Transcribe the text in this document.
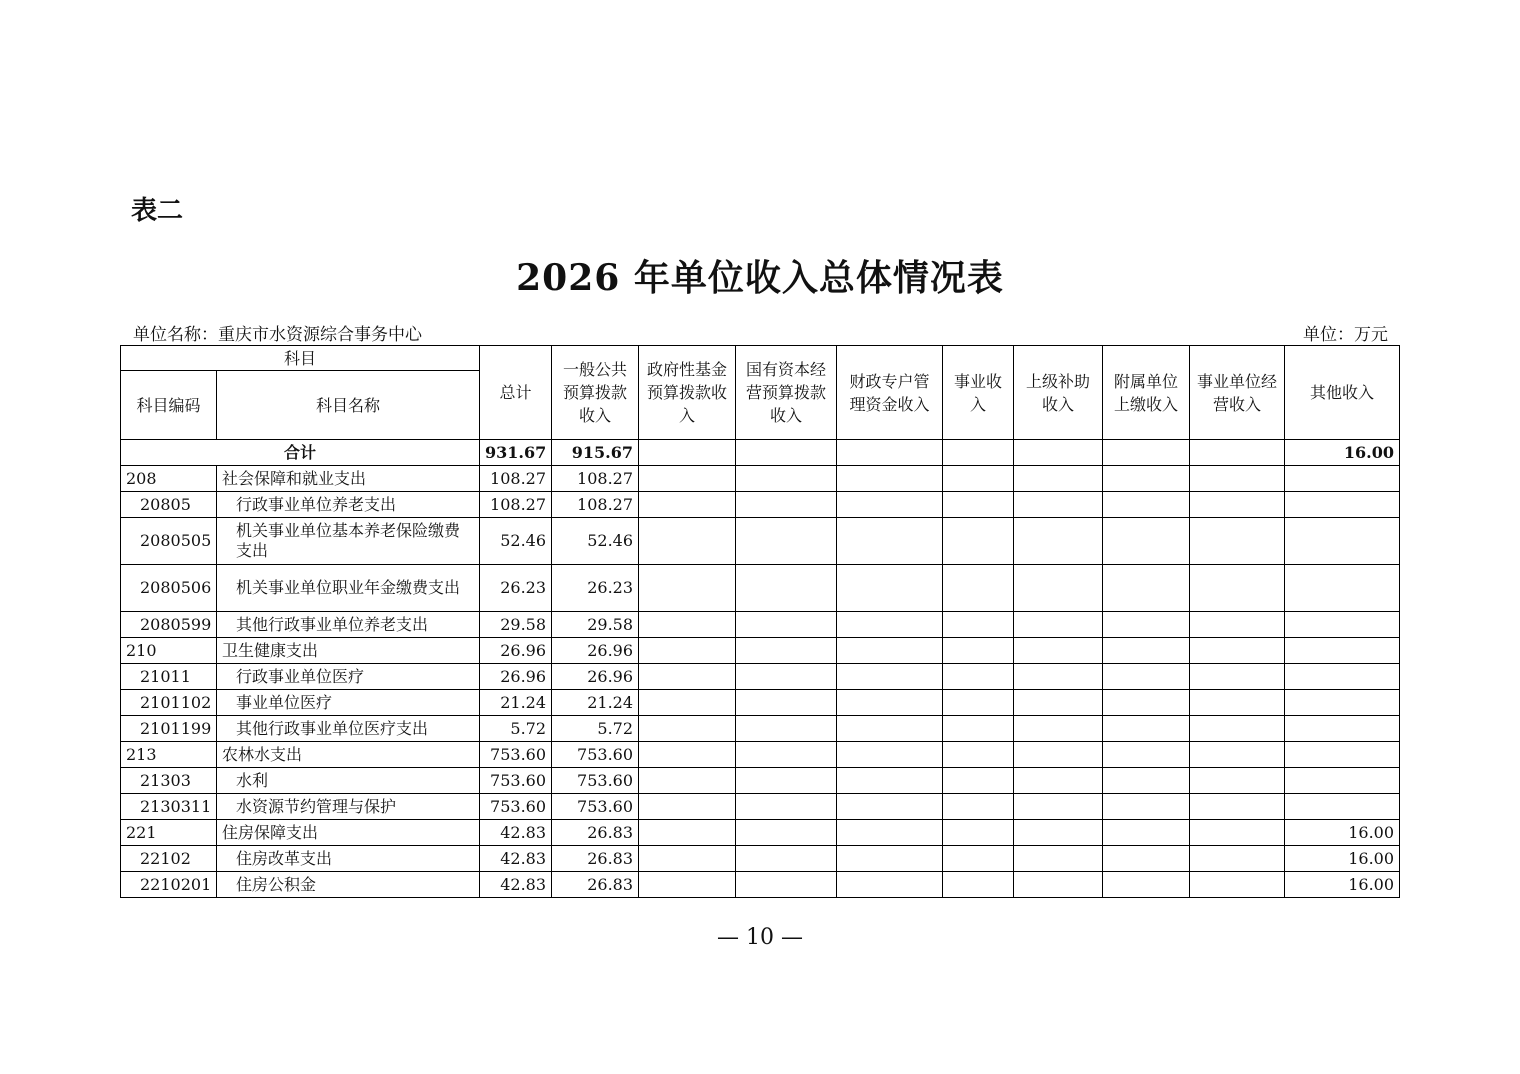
表二
2026 年单位收入总体情况表
单位名称：重庆市水资源综合事务中心	单位：万元
科目		总计	一般公共预算拨款收入	政府性基金预算拨款收入	国有资本经营预算拨款收入	财政专户管理资金收入	事业收入	上级补助收入	附属单位上缴收入	事业单位经营收入	其他收入
科目编码	科目名称										
合计		931.67	915.67								16.00
208	社会保障和就业支出	108.27	108.27								
20805	行政事业单位养老支出	108.27	108.27								
2080505	机关事业单位基本养老保险缴费支出	52.46	52.46								
2080506	机关事业单位职业年金缴费支出	26.23	26.23								
2080599	其他行政事业单位养老支出	29.58	29.58								
210	卫生健康支出	26.96	26.96								
21011	行政事业单位医疗	26.96	26.96								
2101102	事业单位医疗	21.24	21.24								
2101199	其他行政事业单位医疗支出	5.72	5.72								
213	农林水支出	753.60	753.60								
21303	水利	753.60	753.60								
2130311	水资源节约管理与保护	753.60	753.60								
221	住房保障支出	42.83	26.83								16.00
22102	住房改革支出	42.83	26.83								16.00
2210201	住房公积金	42.83	26.83								16.00
— 10 —
